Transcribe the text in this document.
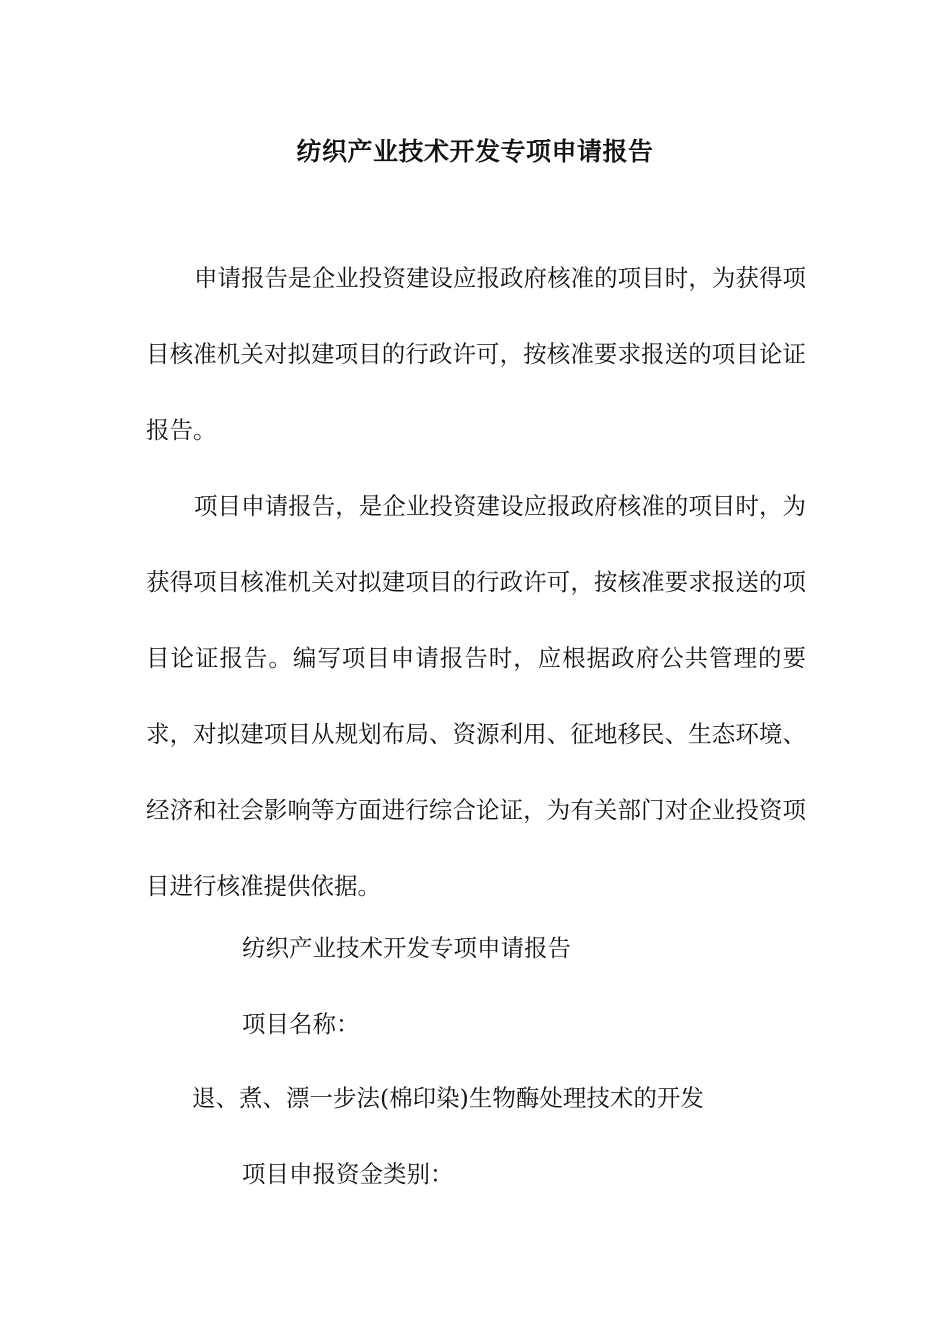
纺织产业技术开发专项申请报告

申请报告是企业投资建设应报政府核准的项目时，为获得项目核准机关对拟建项目的行政许可，按核准要求报送的项目论证报告。

项目申请报告，是企业投资建设应报政府核准的项目时，为获得项目核准机关对拟建项目的行政许可，按核准要求报送的项目论证报告。编写项目申请报告时，应根据政府公共管理的要求，对拟建项目从规划布局、资源利用、征地移民、生态环境、经济和社会影响等方面进行综合论证，为有关部门对企业投资项目进行核准提供依据。

纺织产业技术开发专项申请报告
项目名称：
退、煮、漂一步法(棉印染)生物酶处理技术的开发
项目申报资金类别：
